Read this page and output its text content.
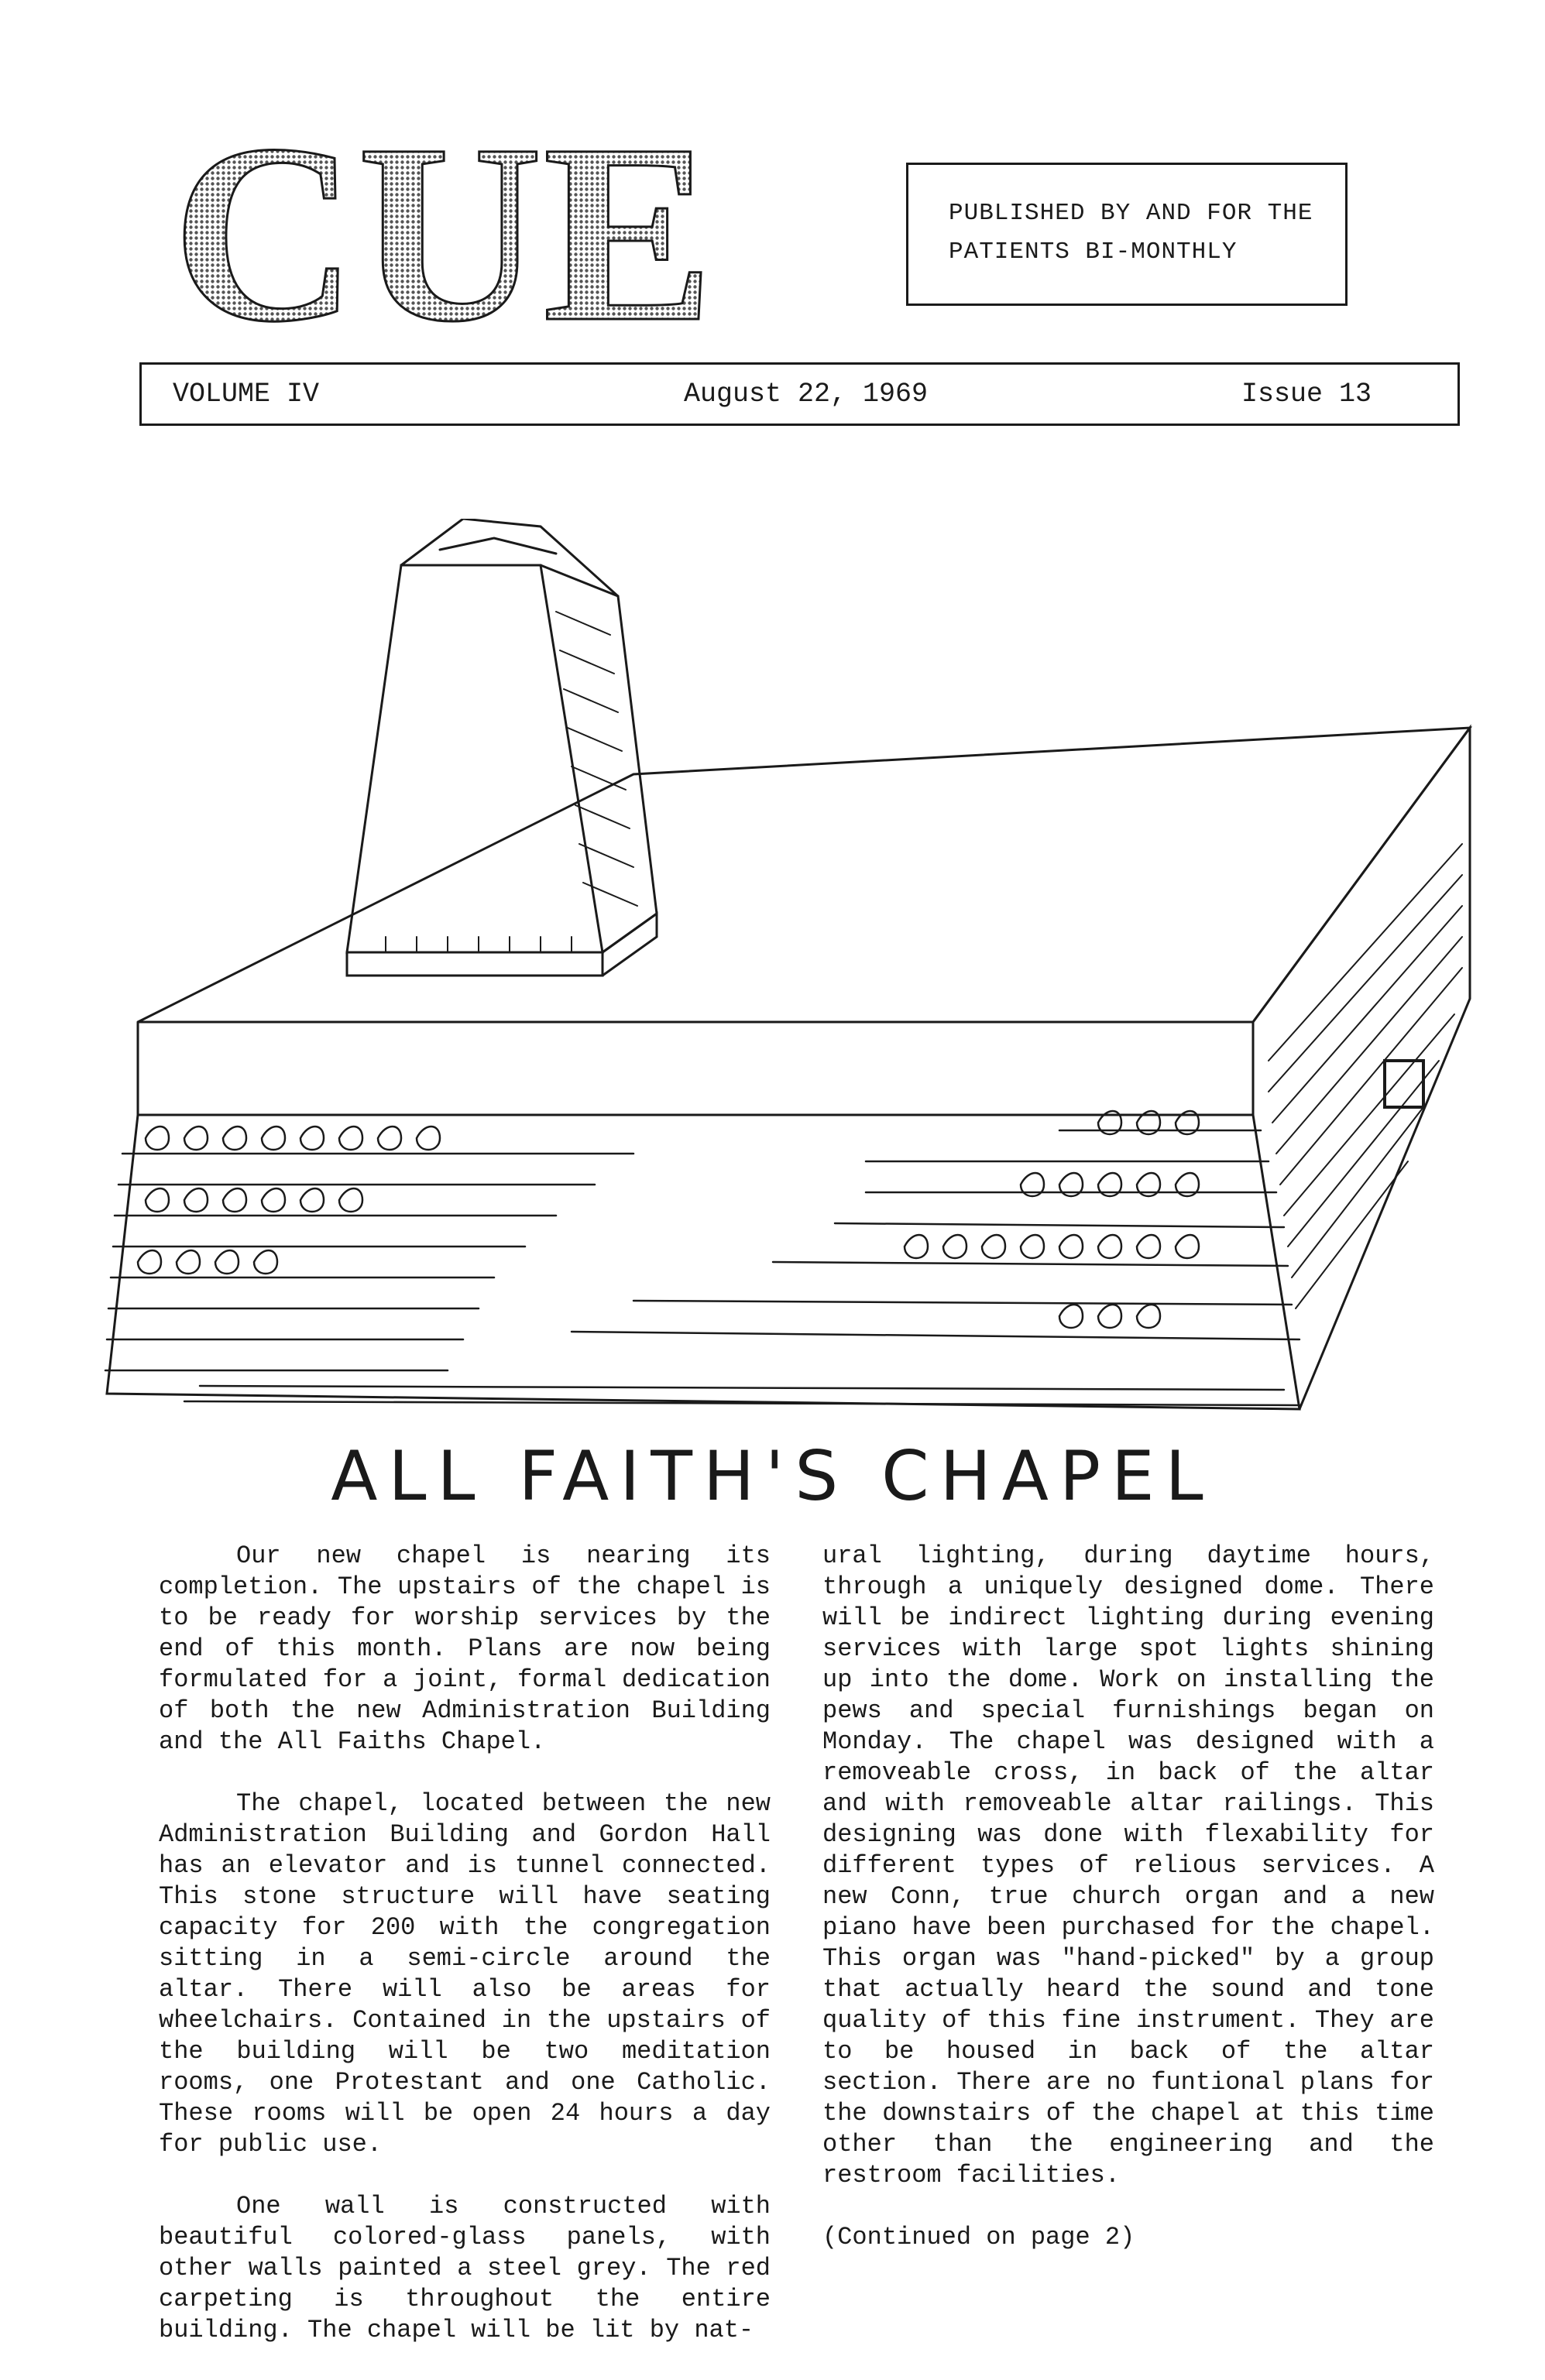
CUE	PUBLISHED BY AND FOR THE
PATIENTS BI-MONTHLY
VOLUME IV	August 22, 1969	Issue 13
ALL FAITH'S CHAPEL

Our new chapel is nearing its completion. The upstairs of the chapel is to be ready for worship services by the end of this month. Plans are now being formulated for a joint, formal dedication of both the new Administration Building and the All Faiths Chapel.

The chapel, located between the new Administration Building and Gordon Hall has an elevator and is tunnel connected. This stone structure will have seating capacity for 200 with the congregation sitting in a semi-circle around the altar. There will also be areas for wheelchairs. Contained in the upstairs of the building will be two meditation rooms, one Protestant and one Catholic. These rooms will be open 24 hours a day for public use.

One wall is constructed with beautiful colored-glass panels, with other walls painted a steel grey. The red carpeting is throughout the entire building. The chapel will be lit by nat-

ural lighting, during daytime hours, through a uniquely designed dome. There will be indirect lighting during evening services with large spot lights shining up into the dome. Work on installing the pews and special furnishings began on Monday. The chapel was designed with a removeable cross, in back of the altar and with removeable altar railings. This designing was done with flexability for different types of relious services. A new Conn, true church organ and a new piano have been purchased for the chapel. This organ was "hand-picked" by a group that actually heard the sound and tone quality of this fine instrument. They are to be housed in back of the altar section. There are no funtional plans for the downstairs of the chapel at this time other than the engineering and the restroom facilities.

(Continued on page 2)
